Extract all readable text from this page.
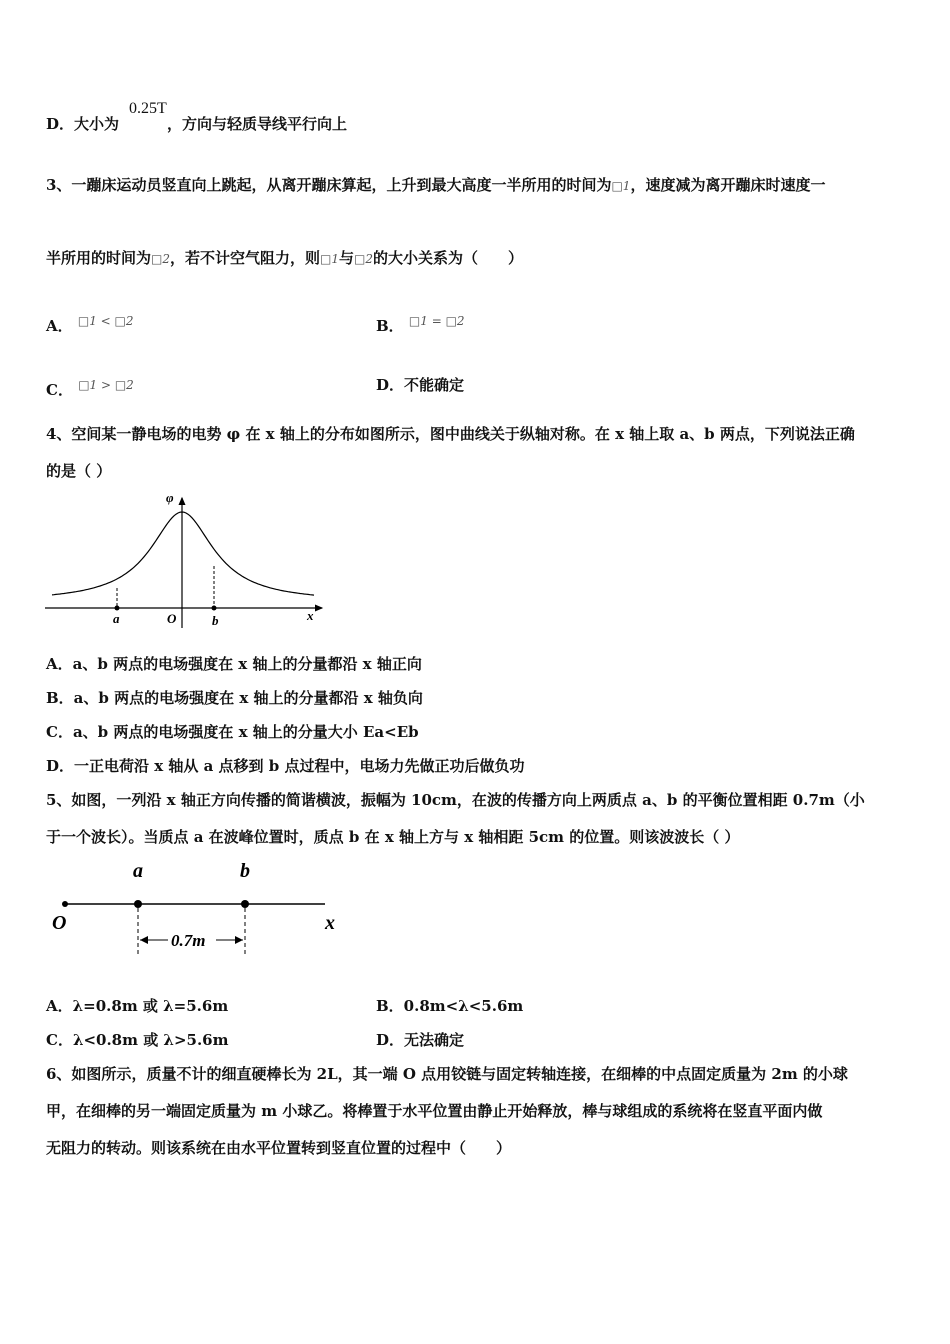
D．大小为	，方向与轻质导线平行向上
0.25T
3、一蹦床运动员竖直向上跳起，从离开蹦床算起，上升到最大高度一半所用的时间为□1，速度减为离开蹦床时速度一
半所用的时间为□2，若不计空气阻力，则□1与□2的大小关系为（　　）
A． $^{□1 < □2}$	B． $^{□1 = □2}$
C． $^{□1 > □2}$	D．不能确定
4、空间某一静电场的电势 φ 在 x 轴上的分布如图所示，图中曲线关于纵轴对称。在 x 轴上取 a、b 两点，下列说法正确
的是（ ）
φ
a	O	b	x
A．a、b 两点的电场强度在 x 轴上的分量都沿 x 轴正向
B．a、b 两点的电场强度在 x 轴上的分量都沿 x 轴负向
C．a、b 两点的电场强度在 x 轴上的分量大小 Ea<Eb
D．一正电荷沿 x 轴从 a 点移到 b 点过程中，电场力先做正功后做负功
5、如图，一列沿 x 轴正方向传播的简谐横波，振幅为 10cm，在波的传播方向上两质点 a、b 的平衡位置相距 0.7m（小
于一个波长）。当质点 a 在波峰位置时，质点 b 在 x 轴上方与 x 轴相距 5cm 的位置。则该波波长（ ）
0.7m
a	b
O	x
A．λ=0.8m 或 λ=5.6m	B．0.8m<λ<5.6m
C．λ<0.8m 或 λ>5.6m	D．无法确定
6、如图所示，质量不计的细直硬棒长为 2L，其一端 O 点用铰链与固定转轴连接，在细棒的中点固定质量为 2m 的小球
甲，在细棒的另一端固定质量为 m 小球乙。将棒置于水平位置由静止开始释放，棒与球组成的系统将在竖直平面内做
无阻力的转动。则该系统在由水平位置转到竖直位置的过程中（　　）
